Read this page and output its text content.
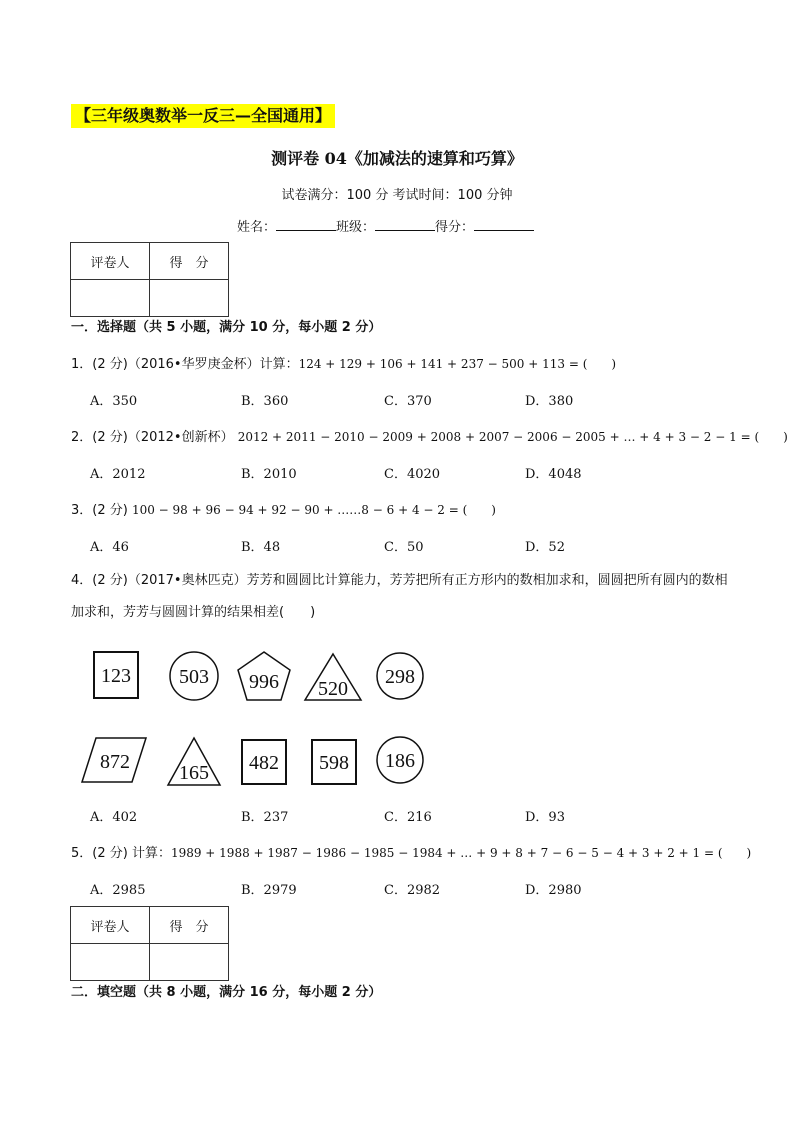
【三年级奥数举一反三—全国通用】
测评卷 04《加减法的速算和巧算》
试卷满分：100 分 考试时间：100 分钟
姓名：	班级：	得分：
评卷人	得　分

一．选择题（共 5 小题，满分 10 分，每小题 2 分）
1．(2 分)（2016•华罗庚金杯）计算：124 + 129 + 106 + 141 + 237 − 500 + 113 = (　　)
A．350	B．360	C．370	D．380
2．(2 分)（2012•创新杯） 2012 + 2011 − 2010 − 2009 + 2008 + 2007 − 2006 − 2005 + … + 4 + 3 − 2 − 1 = (　　)
A．2012	B．2010	C．4020	D．4048
3．(2 分) 100 − 98 + 96 − 94 + 92 − 90 + ……8 − 6 + 4 − 2 = (　　)
A．46	B．48	C．50	D．52
4．(2 分)（2017•奥林匹克）芳芳和圆圆比计算能力，芳芳把所有正方形内的数相加求和，圆圆把所有圆内的数相加求和，芳芳与圆圆计算的结果相差(　　)
123 503 996 520
298
872 165 482 598 186
A．402	B．237	C．216	D．93
5．(2 分) 计算：1989 + 1988 + 1987 − 1986 − 1985 − 1984 + … + 9 + 8 + 7 − 6 − 5 − 4 + 3 + 2 + 1 = (　　)
A．2985	B．2979	C．2982	D．2980
评卷人	得　分

二．填空题（共 8 小题，满分 16 分，每小题 2 分）
